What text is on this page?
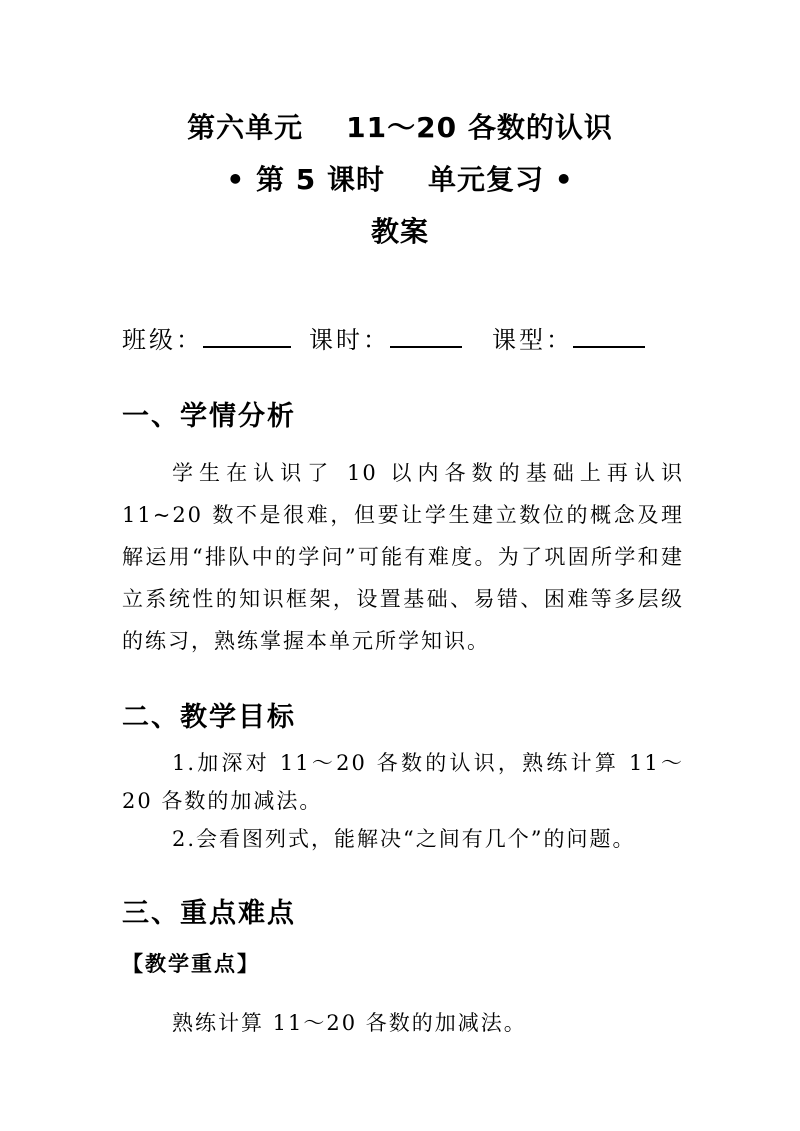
第六单元    11～20 各数的认识
• 第 5 课时    单元复习 •
教案
班级：	课时：	课型：
一、学情分析
学生在认识了 10 以内各数的基础上再认识 11~20 数不是很难，但要让学生建立数位的概念及理解运用“排队中的学问”可能有难度。为了巩固所学和建立系统性的知识框架，设置基础、易错、困难等多层级的练习，熟练掌握本单元所学知识。
二、教学目标
1.加深对 11～20 各数的认识，熟练计算 11～20 各数的加减法。
2.会看图列式，能解决“之间有几个”的问题。
三、重点难点
【教学重点】
熟练计算 11～20 各数的加减法。
